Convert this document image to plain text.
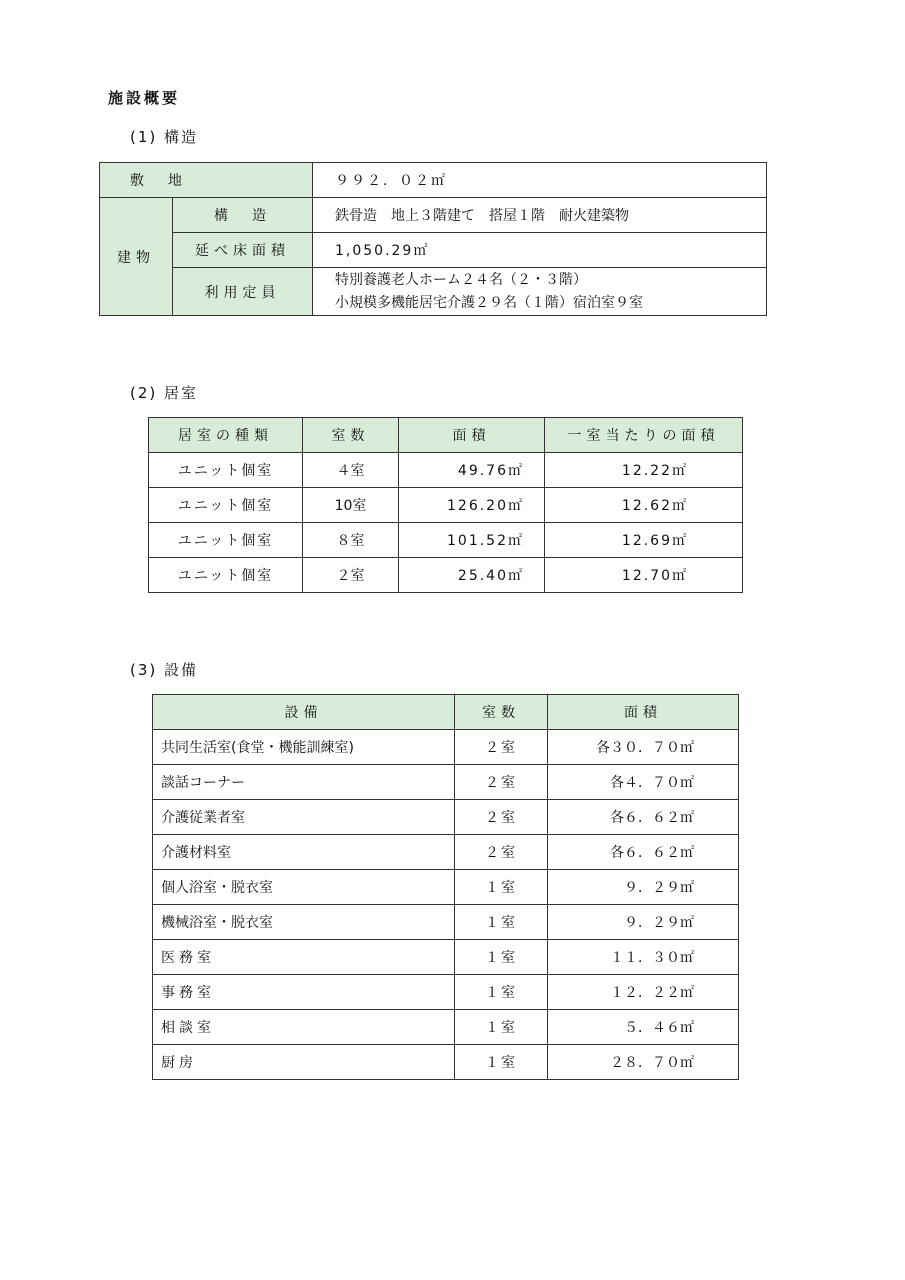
施設概要
(1) 構造
敷　地		９９２．０２㎡
建物	構　造	鉄骨造　地上３階建て　搭屋１階　耐火建築物
	延べ床面積	1,050.29㎡
	利用定員	特別養護老人ホーム２４名（２・３階）
小規模多機能居宅介護２９名（１階）宿泊室９室
(2) 居室
居室の種類	室数	面積	一室当たりの面積
ユニット個室	４室	49.76㎡	12.22㎡
ユニット個室	10室	126.20㎡	12.62㎡
ユニット個室	８室	101.52㎡	12.69㎡
ユニット個室	２室	25.40㎡	12.70㎡
(3) 設備
設備	室数	面積
共同生活室(食堂・機能訓練室)	２室	各３０．７０㎡
談話コーナー	２室	各４．７０㎡
介護従業者室	２室	各６．６２㎡
介護材料室	２室	各６．６２㎡
個人浴室・脱衣室	１室	９．２９㎡
機械浴室・脱衣室	１室	９．２９㎡
医務室	１室	１１．３０㎡
事務室	１室	１２．２２㎡
相談室	１室	５．４６㎡
厨房	１室	２８．７０㎡
